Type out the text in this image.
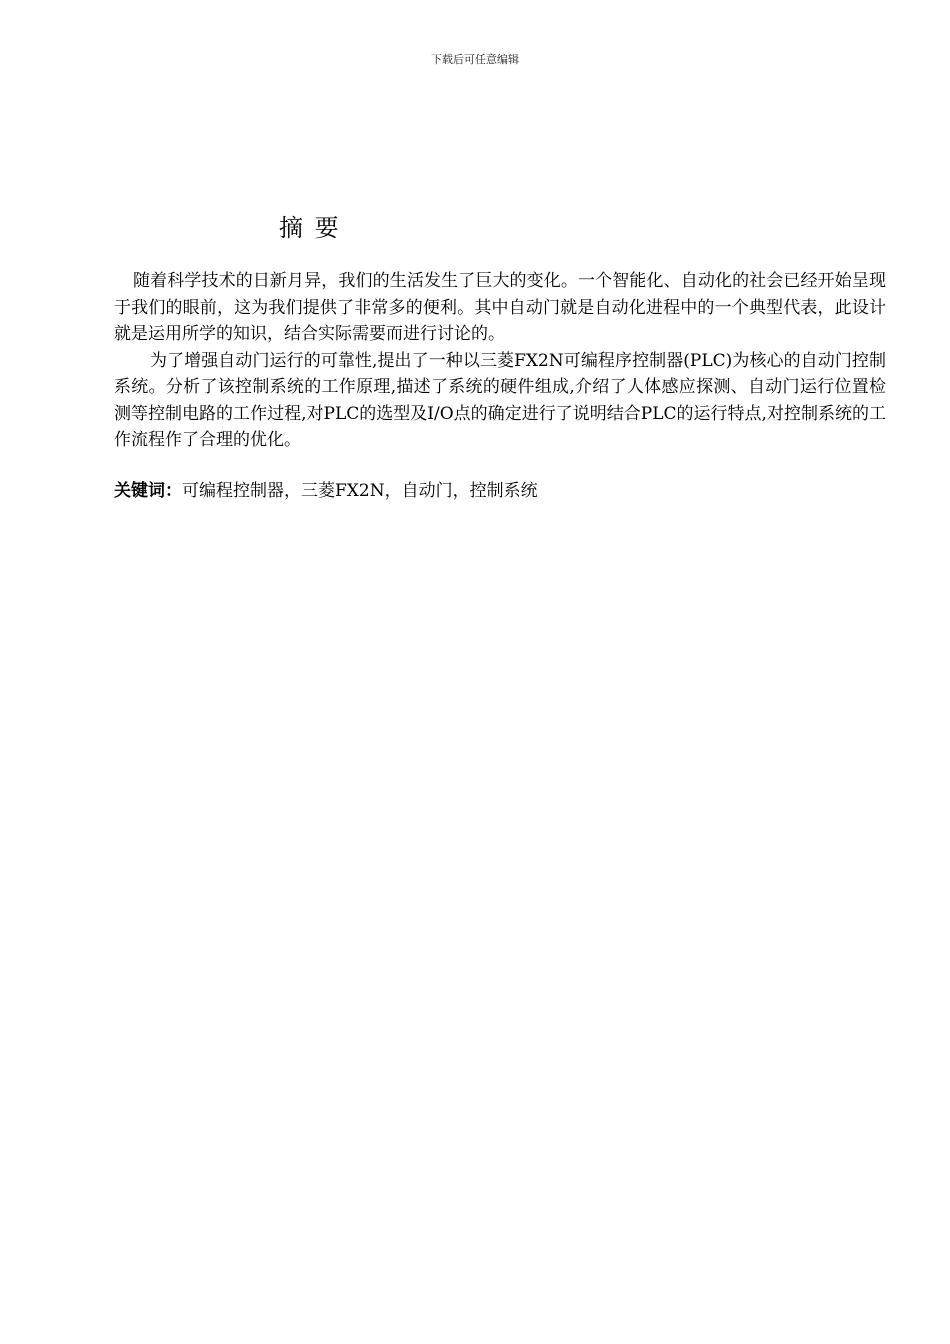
下载后可任意编辑
摘 要

随着科学技术的日新月异，我们的生活发生了巨大的变化。一个智能化、自动化的社会已经开始呈现于我们的眼前，这为我们提供了非常多的便利。其中自动门就是自动化进程中的一个典型代表，此设计就是运用所学的知识，结合实际需要而进行讨论的。

为了增强自动门运行的可靠性,提出了一种以三菱FX2N可编程序控制器(PLC)为核心的自动门控制系统。分析了该控制系统的工作原理,描述了系统的硬件组成,介绍了人体感应探测、自动门运行位置检测等控制电路的工作过程,对PLC的选型及I/O点的确定进行了说明结合PLC的运行特点,对控制系统的工作流程作了合理的优化。

关键词：可编程控制器，三菱FX2N，自动门，控制系统
